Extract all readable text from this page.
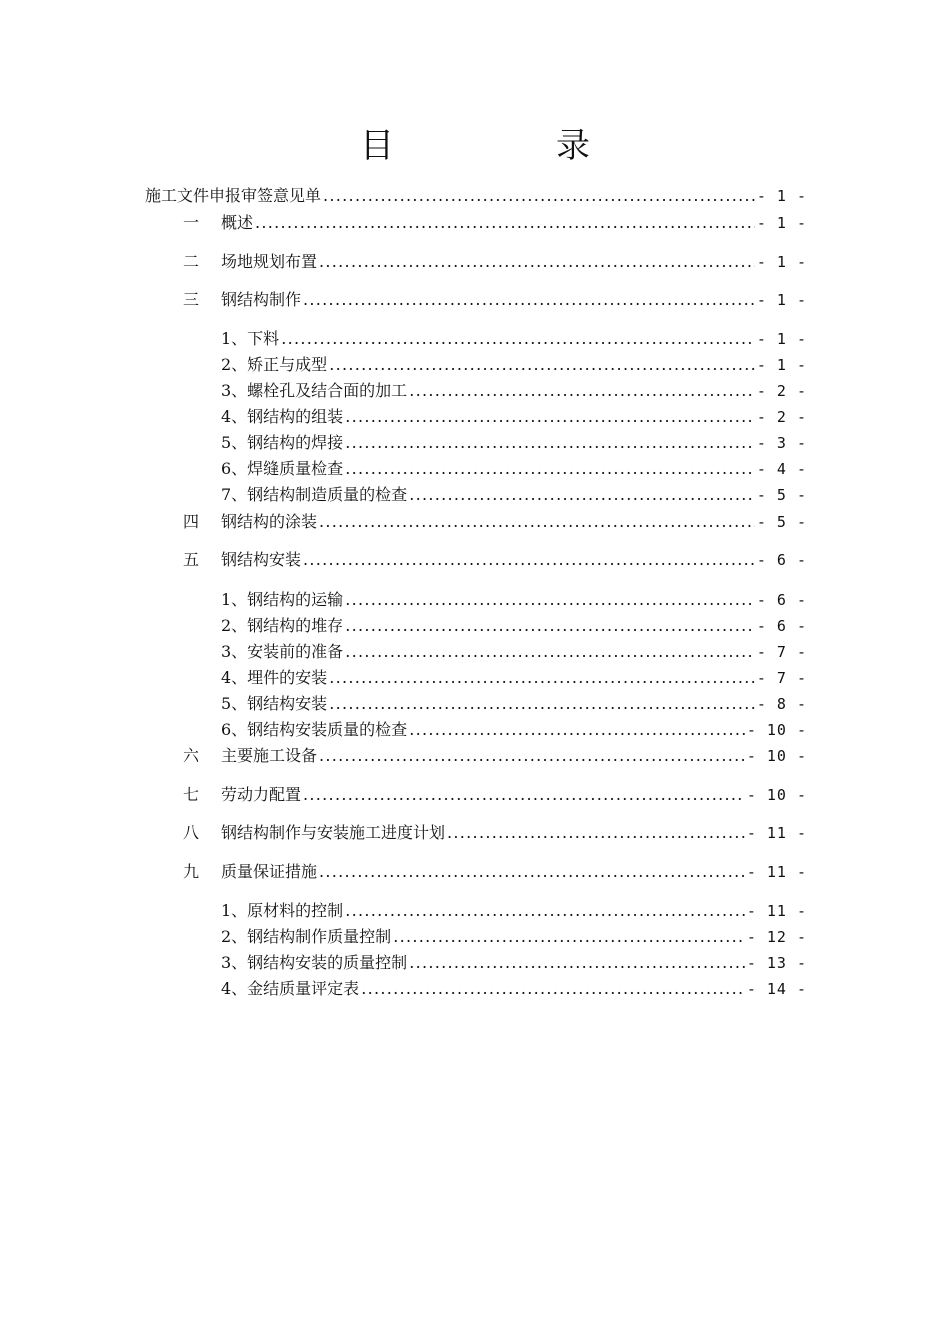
目　录
施工文件申报审签意见单 .....	- 1 -
一	概述 .....	- 1 -
二	场地规划布置 .....	- 1 -
三	钢结构制作 .....	- 1 -
1、下料 .....	- 1 -
2、矫正与成型 .....	- 1 -
3、螺栓孔及结合面的加工 .....	- 2 -
4、钢结构的组装 .....	- 2 -
5、钢结构的焊接 .....	- 3 -
6、焊缝质量检查 .....	- 4 -
7、钢结构制造质量的检查 .....	- 5 -
四	钢结构的涂装 .....	- 5 -
五	钢结构安装 .....	- 6 -
1、钢结构的运输 .....	- 6 -
2、钢结构的堆存 .....	- 6 -
3、安装前的准备 .....	- 7 -
4、埋件的安装 .....	- 7 -
5、钢结构安装 .....	- 8 -
6、钢结构安装质量的检查 .....	- 10 -
六	主要施工设备 .....	- 10 -
七	劳动力配置 .....	- 10 -
八	钢结构制作与安装施工进度计划 .....	- 11 -
九	质量保证措施 .....	- 11 -
1、原材料的控制 .....	- 11 -
2、钢结构制作质量控制 .....	- 12 -
3、钢结构安装的质量控制 .....	- 13 -
4、金结质量评定表 .....	- 14 -
